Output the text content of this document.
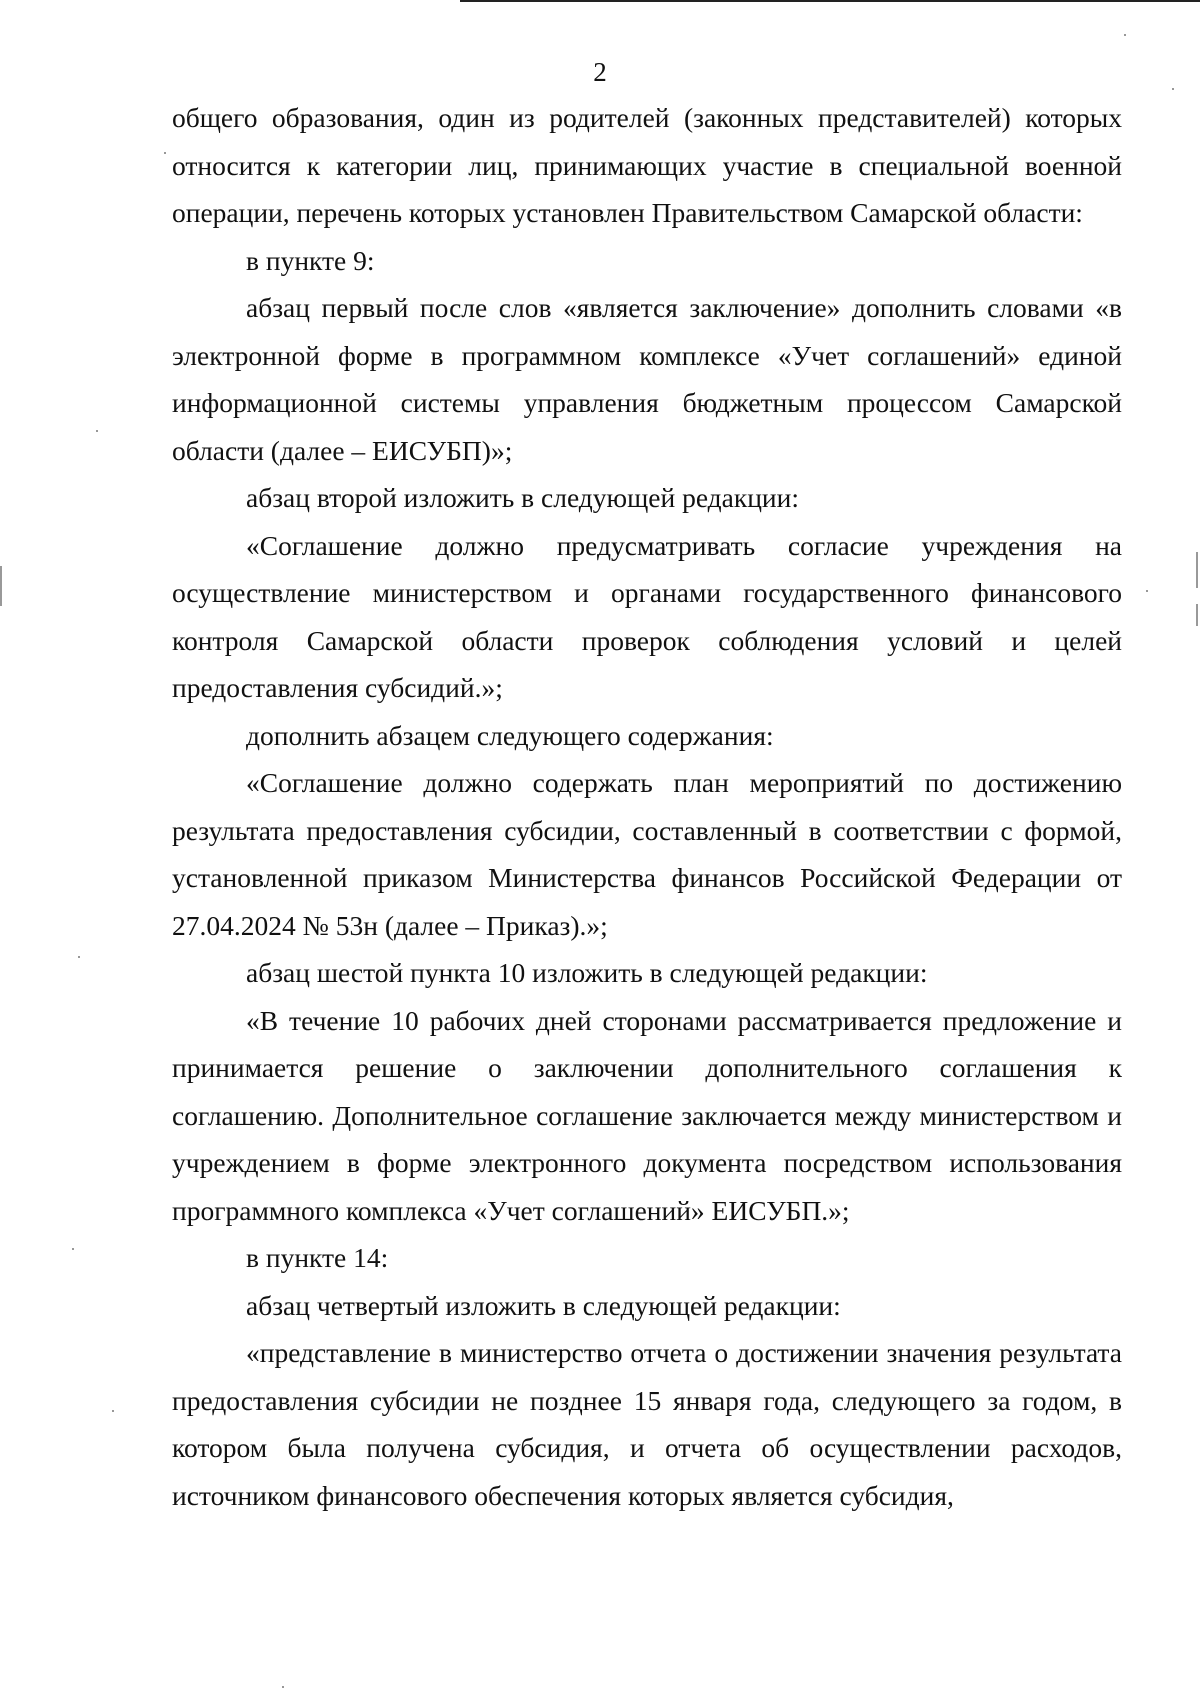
2

общего образования, один из родителей (законных представителей) которых относится к категории лиц, принимающих участие в специальной военной операции, перечень которых установлен Правительством Самарской области:

в пункте 9:

абзац первый после слов «является заключение» дополнить словами «в электронной форме в программном комплексе «Учет соглашений» единой информационной системы управления бюджетным процессом Самарской области (далее – ЕИСУБП)»;

абзац второй изложить в следующей редакции:

«Соглашение должно предусматривать согласие учреждения на осуществление министерством и органами государственного финансового контроля Самарской области проверок соблюдения условий и целей предоставления субсидий.»;

дополнить абзацем следующего содержания:

«Соглашение должно содержать план мероприятий по достижению результата предоставления субсидии, составленный в соответствии с формой, установленной приказом Министерства финансов Российской Федерации от 27.04.2024 № 53н (далее – Приказ).»;

абзац шестой пункта 10 изложить в следующей редакции:

«В течение 10 рабочих дней сторонами рассматривается предложение и принимается решение о заключении дополнительного соглашения к соглашению. Дополнительное соглашение заключается между министерством и учреждением в форме электронного документа посредством использования программного комплекса «Учет соглашений» ЕИСУБП.»;

в пункте 14:

абзац четвертый изложить в следующей редакции:

«представление в министерство отчета о достижении значения результата предоставления субсидии не позднее 15 января года, следующего за годом, в котором была получена субсидия, и отчета об осуществлении расходов, источником финансового обеспечения которых является субсидия,
